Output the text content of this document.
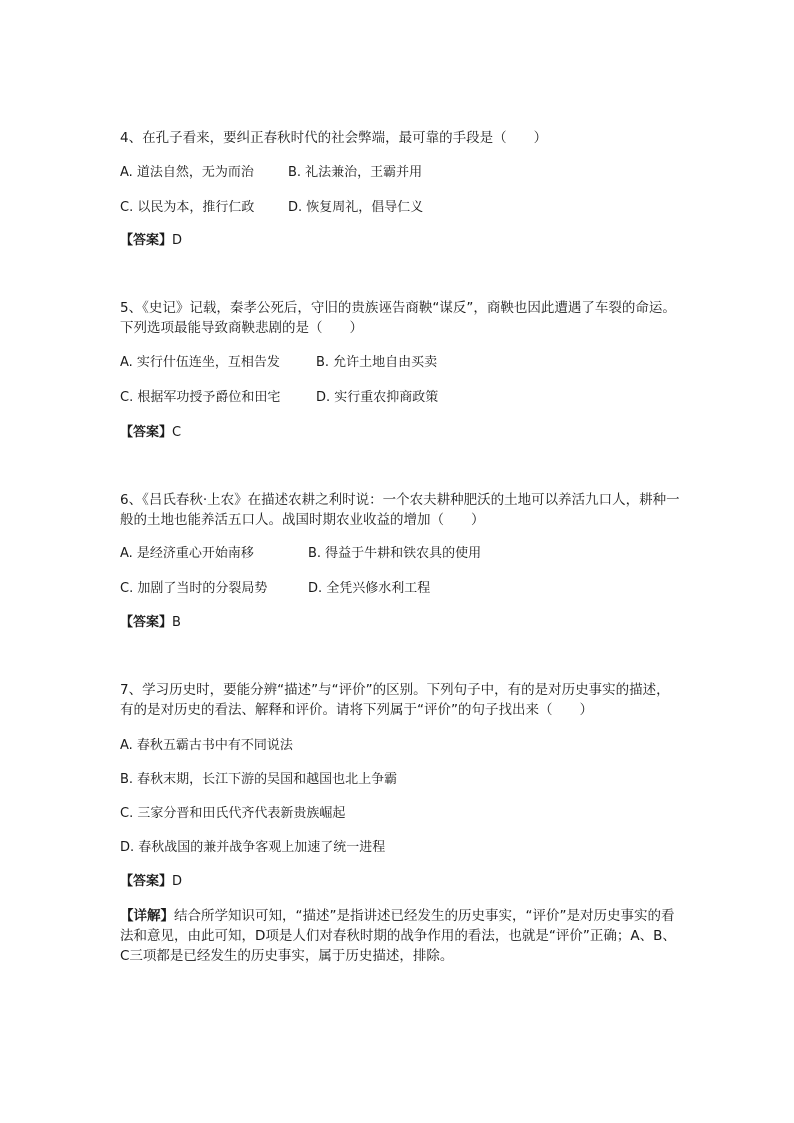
4、在孔子看来，要纠正春秋时代的社会弊端，最可靠的手段是（　　）

A. 道法自然，无为而治	B. 礼法兼治，王霸并用
C. 以民为本，推行仁政	D. 恢复周礼，倡导仁义
【答案】D

5、《史记》记载，秦孝公死后，守旧的贵族诬告商鞅“谋反”，商鞅也因此遭遇了车裂的命运。下列选项最能导致商鞅悲剧的是（　　）

A. 实行什伍连坐，互相告发	B. 允许土地自由买卖
C. 根据军功授予爵位和田宅	D. 实行重农抑商政策
【答案】C

6、《吕氏春秋·上农》在描述农耕之利时说：一个农夫耕种肥沃的土地可以养活九口人，耕种一般的土地也能养活五口人。战国时期农业收益的增加（　　）

A. 是经济重心开始南移	B. 得益于牛耕和铁农具的使用
C. 加剧了当时的分裂局势	D. 全凭兴修水利工程
【答案】B

7、学习历史时，要能分辨“描述”与“评价”的区别。下列句子中，有的是对历史事实的描述，有的是对历史的看法、解释和评价。请将下列属于“评价”的句子找出来（　　）

A. 春秋五霸古书中有不同说法
B. 春秋末期，长江下游的吴国和越国也北上争霸
C. 三家分晋和田氏代齐代表新贵族崛起
D. 春秋战国的兼并战争客观上加速了统一进程
【答案】D
【详解】结合所学知识可知，“描述”是指讲述已经发生的历史事实，“评价”是对历史事实的看法和意见，由此可知，D项是人们对春秋时期的战争作用的看法，也就是“评价”正确；A、B、C三项都是已经发生的历史事实，属于历史描述，排除。
